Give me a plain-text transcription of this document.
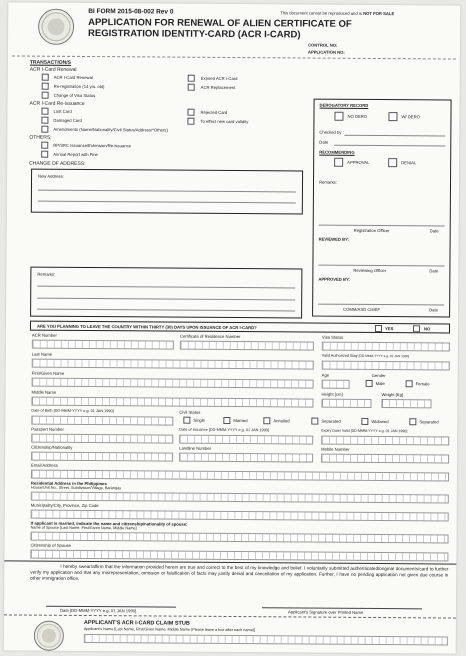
BI FORM 2015-08-002 Rev 0	This document cannot be reproduced and is NOT FOR SALE
APPLICATION FOR RENEWAL OF ALIEN CERTIFICATE OF
REGISTRATION IDENTITY-CARD (ACR I-CARD)
CONTROL NO:
APPLICATION NO:
TRANSACTION/S
ACR I-Card Renewal
ACR I-Card Renewal
Re-registration (14 yrs. old)
Change of Visa Status
Expired ACR I-Card
ACR Replacement
ACR I-Card Re-issuance
Lost Card
Damaged Card
Amendments (Name/Nationality/Civil Status/Address/*Others)
Rejected Card
To effect new card validity
OTHERS:
RP/SRC Issuance/Extension/Re-issuance
Annual Report with Fine
CHANGE OF ADDRESS:
New Address:
Remarks:
DEROGATORY RECORD
NO DERO	W/ DERO
Checked by :
Date
RECOMMENDING
APPROVAL	DENIAL
Remarks:
Registration Officer	Date
REVIEWED BY:
Reviewing Officer	Date
APPROVED BY:
COMM/ASD CHIEF	Date
ARE YOU PLANNING TO LEAVE THE COUNTRY WITHIN THIRTY (30) DAYS UPON ISSUANCE OF ACR I-CARD?	YES	NO
ACR Number	Certificate of Residence Number	Visa Status
Last Name	Valid Authorized Stay [DD-MMM-YYYY e.g. 01 JAN 1990]
First/Given Name	Age	Gender
Male	Female
Middle Name	Height [cm]	Weight [Kg]
Date of Birth [DD-MMM-YYYY e.g. 01 JAN 1990]	Civil Status
Single	Married	Annulled	Separated	Widowed	Separated
Passport Number	Date of Issuance [DD-MMM-YYYY e.g. 01 JAN 1990]	Expiry Date/ Valid [DD-MMM-YYYY e.g. 01 JAN 1990]
Citizenship/Nationality	Landline Number	Mobile Number
Email Address
Residential Address in the Philippines
House/Unit No., Street, Subdivision/Village, Barangay
Municipality/City, Province, Zip Code
If applicant is married, indicate the name and citizenship/nationality of spouse:
Name of Spouse [Last Name, First/Given Name, Middle Name]
Citizenship of Spouse
I hereby swear/affirm that the information provided herein are true and correct to the best of my knowledge and belief. I voluntarily submitted authenticated/original documents/card to further verify my application and that any misrepresentation, omission or falsification of facts may justify denial and cancellation of my application. Further, I have no pending application not given due course in other immigration office.
Date [DD-MMM-YYYY e.g. 01 JAN 1990]	Applicant's Signature over Printed Name
APPLICANT'S ACR I-CARD CLAIM STUB
Applicant's Name [Last Name, First/Given Name, Middle Name (Please leave a box after each name)]
